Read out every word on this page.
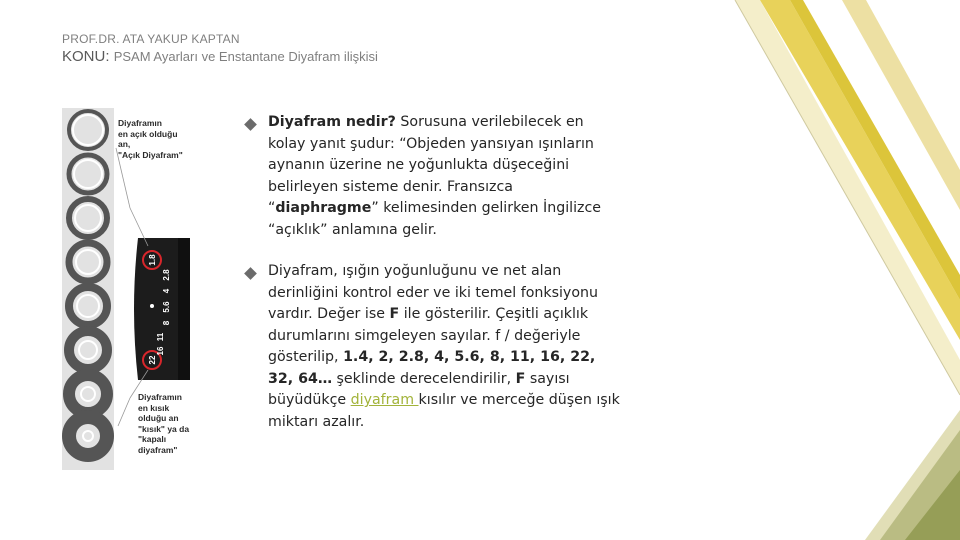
PROF.DR. ATA YAKUP KAPTAN
KONU: PSAM Ayarları ve Enstantane Diyafram ilişkisi
1.8
2.8
4
5.6
8
11
16
22
Diyaframın
en açık olduğu
an,
"Açık Diyafram"
Diyaframın
en kısık
olduğu an
"kısık" ya da
"kapalı
diyafram"
Diyafram nedir? Sorusuna verilebilecek en kolay yanıt şudur: “Objeden yansıyan ışınların aynanın üzerine ne yoğunlukta düşeceğini belirleyen sisteme denir. Fransızca “diaphragme” kelimesinden gelirken İngilizce “açıklık” anlamına gelir.
Diyafram, ışığın yoğunluğunu ve net alan derinliğini kontrol eder ve iki temel fonksiyonu vardır. Değer ise F ile gösterilir. Çeşitli açıklık durumlarını simgeleyen sayılar. f / değeriyle gösterilip, 1.4, 2, 2.8, 4, 5.6, 8, 11, 16, 22, 32, 64… şeklinde derecelendirilir, F sayısı büyüdükçe diyafram kısılır ve merceğe düşen ışık miktarı azalır.
